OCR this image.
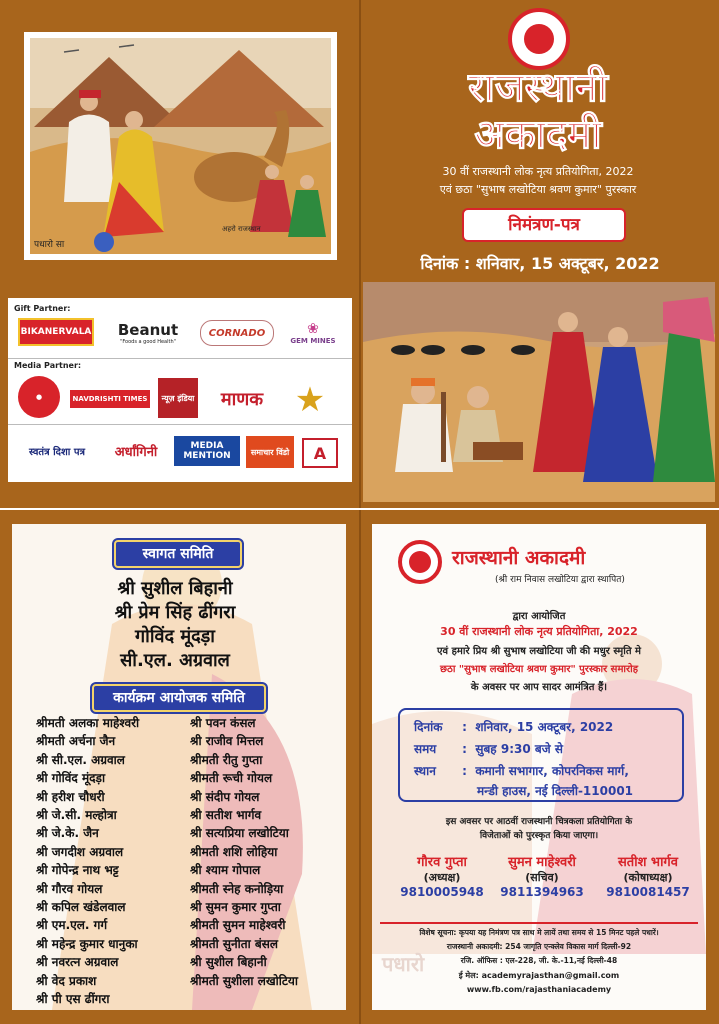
पधारो सा
अहरो राजस्थान
Gift Partner:
BIKANERVALA Beanut
"Foods a good Health"
CORNADO	❀
GEM MINES
Media Partner:
●	NAVDRISHTI TIMES न्यूज़ इंडिया माणक ★
स्वतंत्र दिशा पत्र अर्धांगिनी	MEDIA MENTION	समाचार विंडो A
राजस्थानी
अकादमी
30 वीं राजस्थानी लोक नृत्य प्रतियोगिता, 2022
एवं छठा "सुभाष लखोटिया श्रवण कुमार" पुरस्कार
निमंत्रण-पत्र
दिनांक : शनिवार, 15 अक्टूबर, 2022
स्वागत समिति
श्री सुशील बिहानी
श्री प्रेम सिंह ढींगरा
गोविंद मूंदड़ा
सी.एल. अग्रवाल
कार्यक्रम आयोजक समिति
श्रीमती अलका माहेश्वरी
श्रीमती अर्चना जैन
श्री सी.एल. अग्रवाल
श्री गोविंद मूंदड़ा
श्री हरीश चौधरी
श्री जे.सी. मल्होत्रा
श्री जे.के. जैन
श्री जगदीश अग्रवाल
श्री गोपेन्द्र नाथ भट्ट
श्री गौरव गोयल
श्री कपिल खंडेलवाल
श्री एम.एल. गर्ग
श्री महेन्द्र कुमार धानुका
श्री नवरत्न अग्रवाल
श्री वेद प्रकाश
श्री पी एस ढींगरा
श्री पवन कंसल
श्री राजीव मित्तल
श्रीमती रीतु गुप्ता
श्रीमती रूची गोयल
श्री संदीप गोयल
श्री सतीश भार्गव
श्री सत्यप्रिया लखोटिया
श्रीमती शशि लोहिया
श्री श्याम गोपाल
श्रीमती स्नेह कनोड़िया
श्री सुमन कुमार गुप्ता
श्रीमती सुमन माहेश्वरी
श्रीमती सुनीता बंसल
श्री सुशील बिहानी
श्रीमती सुशीला लखोटिया
राजस्थानी अकादमी
(श्री राम निवास लखोटिया द्वारा स्थापित)
द्वारा आयोजित
30 वीं राजस्थानी लोक नृत्य प्रतियोगिता, 2022
एवं हमारे प्रिय श्री सुभाष लखोटिया जी की मधुर स्मृति मे
छठा "सुभाष लखोटिया श्रवण कुमार" पुरस्कार समारोह
के अवसर पर आप सादर आमंत्रित हैं।
दिनांक :  शनिवार, 15 अक्टूबर, 2022
समय :  सुबह 9:30 बजे से
स्थान :  कमानी सभागार, कोपरनिकस मार्ग,
मन्डी हाउस, नई दिल्ली-110001
इस अवसर पर आठवीं राजस्थानी चित्रकला प्रतियोगिता के
विजेताओं को पुरस्कृत किया जाएगा।
गौरव गुप्ता
(अध्यक्ष)
9810005948
सुमन माहेश्वरी
(सचिव)
9811394963
सतीश भार्गव
(कोषाध्यक्ष)
9810081457
पधारो
विशेष सूचना: कृपया यह निमंत्रण पत्र साथ मे लायें तथा समय से 15 मिनट पहले पधारें।
राजस्थानी अकादमी: 254 जागृति एन्क्लेव विकास मार्ग दिल्ली-92
रजि. ऑफिस : एल-228, जी. के.-11,नई दिल्ली-48
ई मेल: academyrajasthan@gmail.com
www.fb.com/rajasthaniacademy
